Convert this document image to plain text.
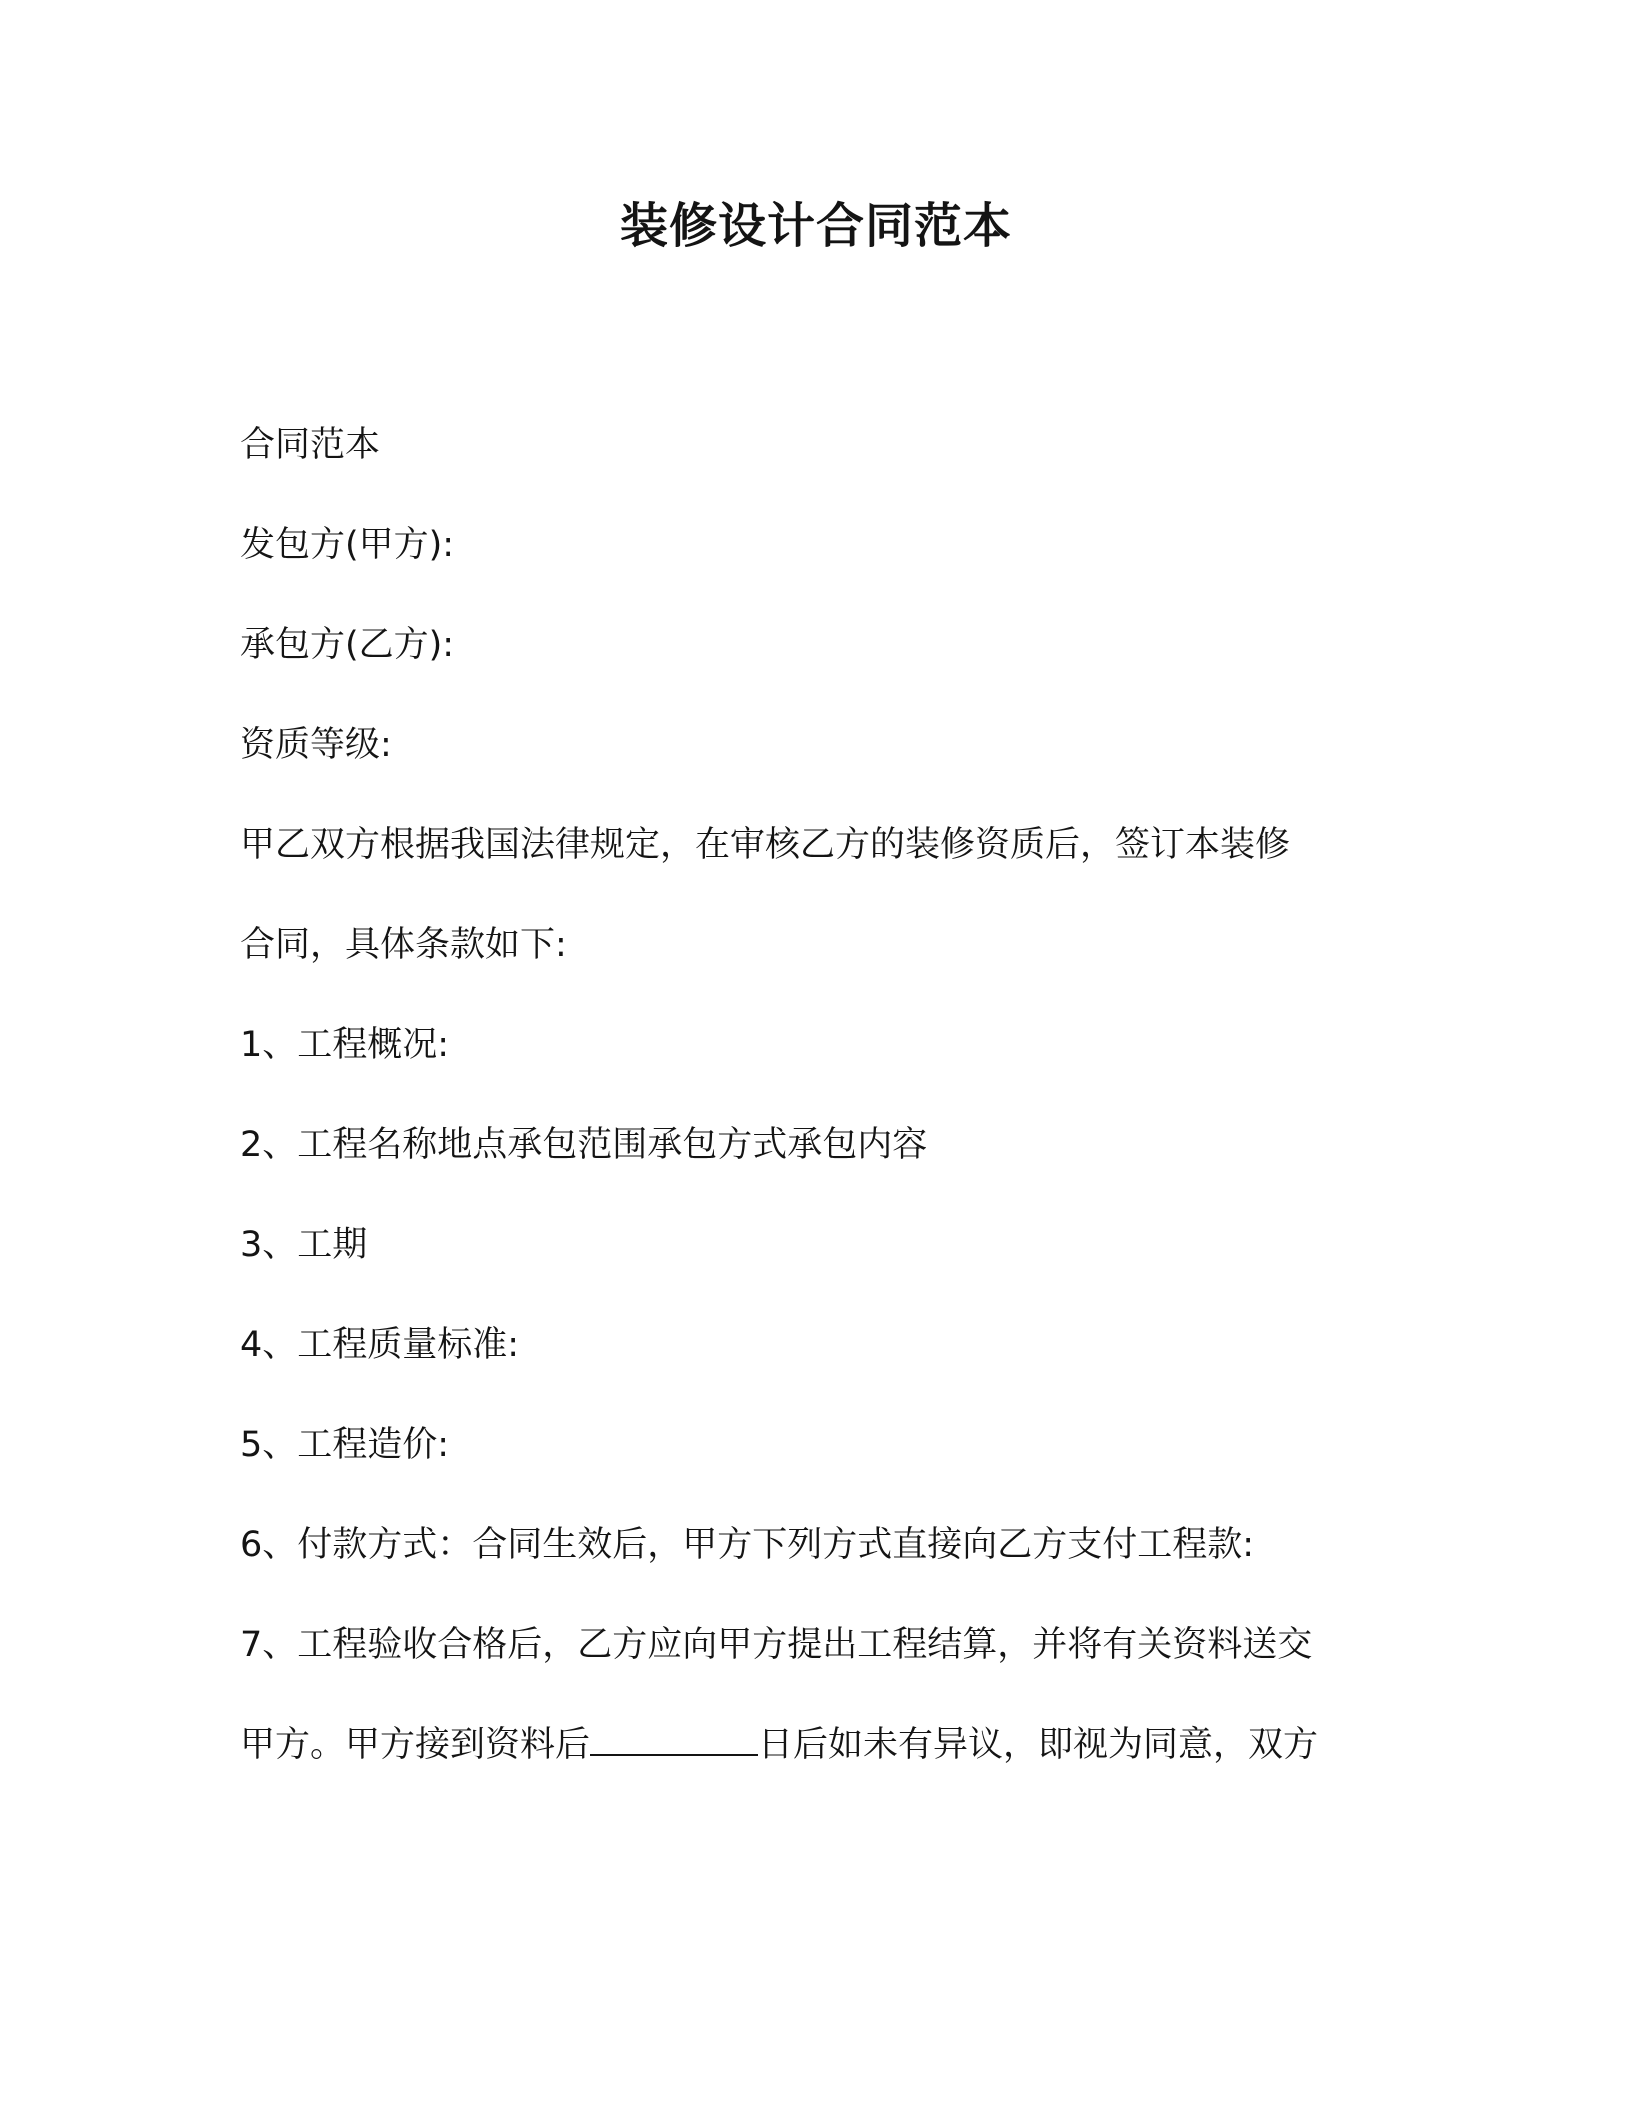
装修设计合同范本

合同范本

发包方(甲方):

承包方(乙方):

资质等级:

甲乙双方根据我国法律规定，在审核乙方的装修资质后，签订本装修

合同，具体条款如下:

1、工程概况:

2、工程名称地点承包范围承包方式承包内容

3、工期

4、工程质量标准:

5、工程造价:

6、付款方式：合同生效后，甲方下列方式直接向乙方支付工程款:

7、工程验收合格后，乙方应向甲方提出工程结算，并将有关资料送交

甲方。甲方接到资料后	日后如未有异议，即视为同意，双方
